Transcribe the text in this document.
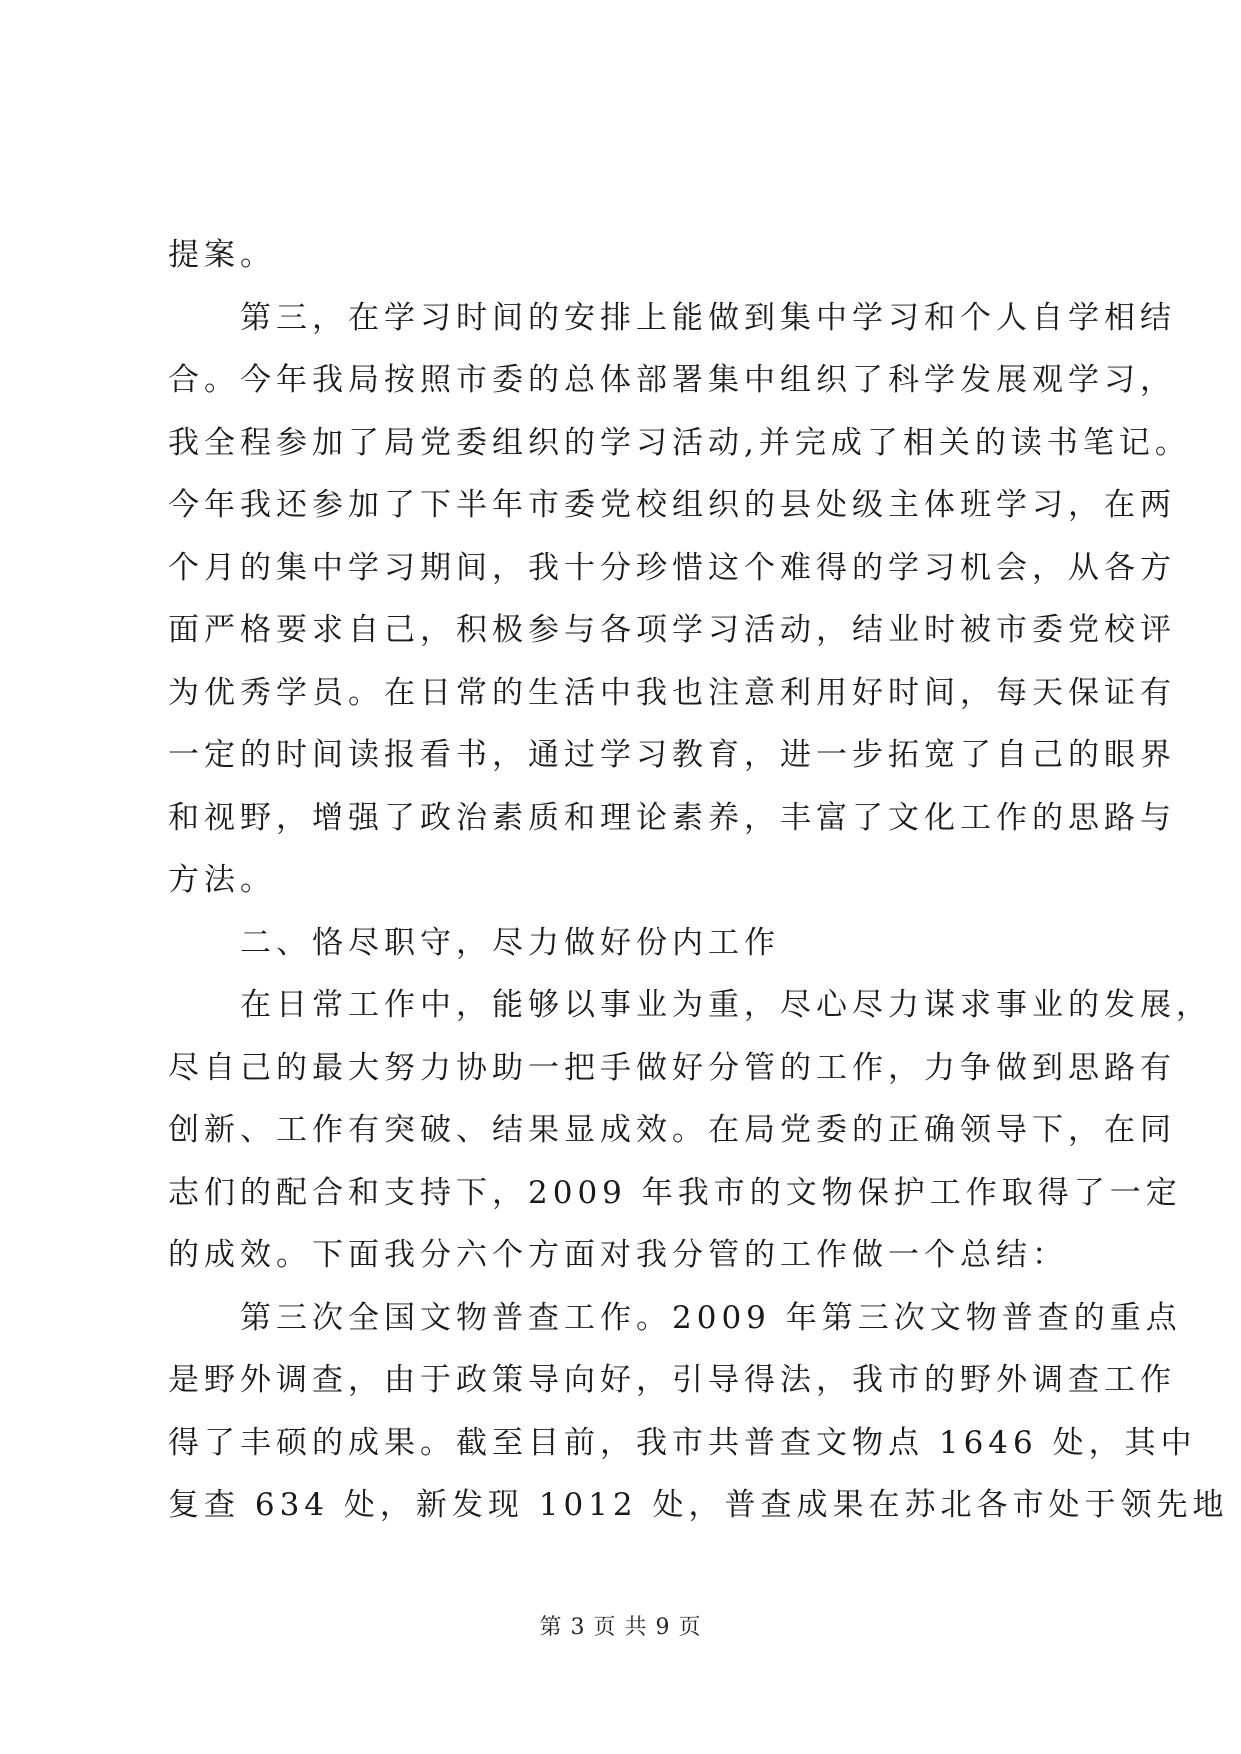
提案。
第三，在学习时间的安排上能做到集中学习和个人自学相结
合。今年我局按照市委的总体部署集中组织了科学发展观学习，
我全程参加了局党委组织的学习活动,并完成了相关的读书笔记。
今年我还参加了下半年市委党校组织的县处级主体班学习，在两
个月的集中学习期间，我十分珍惜这个难得的学习机会，从各方
面严格要求自己，积极参与各项学习活动，结业时被市委党校评
为优秀学员。在日常的生活中我也注意利用好时间，每天保证有
一定的时间读报看书，通过学习教育，进一步拓宽了自己的眼界
和视野，增强了政治素质和理论素养，丰富了文化工作的思路与
方法。
二、恪尽职守，尽力做好份内工作
在日常工作中，能够以事业为重，尽心尽力谋求事业的发展，
尽自己的最大努力协助一把手做好分管的工作，力争做到思路有
创新、工作有突破、结果显成效。在局党委的正确领导下，在同
志们的配合和支持下，2009 年我市的文物保护工作取得了一定
的成效。下面我分六个方面对我分管的工作做一个总结：
第三次全国文物普查工作。2009 年第三次文物普查的重点
是野外调查，由于政策导向好，引导得法，我市的野外调查工作
得了丰硕的成果。截至目前，我市共普查文物点 1646 处，其中
复查 634 处，新发现 1012 处，普查成果在苏北各市处于领先地
第 3 页 共 9 页
